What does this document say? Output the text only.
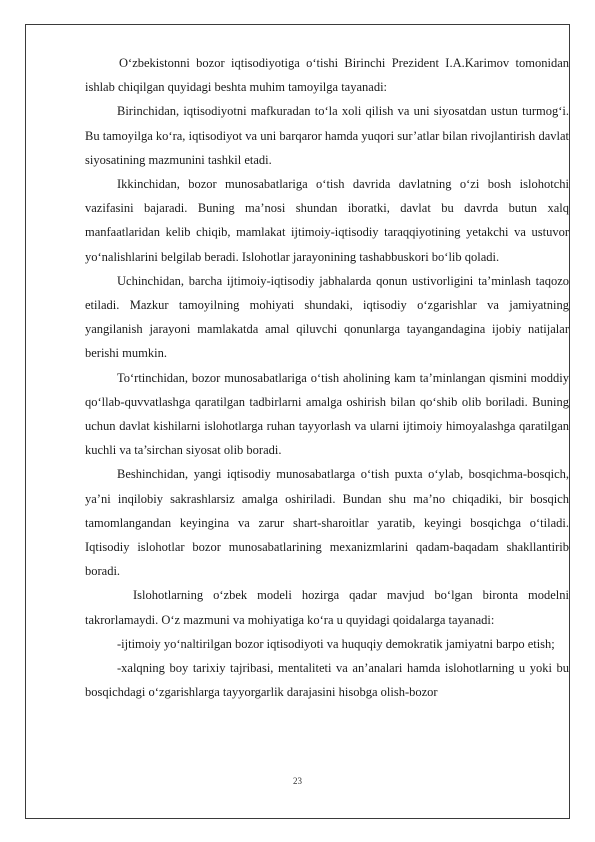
O‘zbekistonni bozor iqtisodiyotiga o‘tishi Birinchi Prezident I.A.Karimov tomonidan ishlab chiqilgan quyidagi beshta muhim tamoyilga tayanadi:

Birinchidan, iqtisodiyotni mafkuradan to‘la xoli qilish va uni siyosatdan ustun turmog‘i. Bu tamoyilga ko‘ra, iqtisodiyot va uni barqaror hamda yuqori sur’atlar bilan rivojlantirish davlat siyosatining mazmunini tashkil etadi.

Ikkinchidan, bozor munosabatlariga o‘tish davrida davlatning o‘zi bosh islohotchi vazifasini bajaradi. Buning ma’nosi shundan iboratki, davlat bu davrda butun xalq manfaatlaridan kelib chiqib, mamlakat ijtimoiy-iqtisodiy taraqqiyotining yetakchi va ustuvor yo‘nalishlarini belgilab beradi. Islohotlar jarayonining tashabbuskori bo‘lib qoladi.

Uchinchidan, barcha ijtimoiy-iqtisodiy jabhalarda qonun ustivorligini ta’minlash taqozo etiladi. Mazkur tamoyilning mohiyati shundaki, iqtisodiy o‘zgarishlar va jamiyatning yangilanish jarayoni mamlakatda amal qiluvchi qonunlarga tayangandagina ijobiy natijalar berishi mumkin.

To‘rtinchidan, bozor munosabatlariga o‘tish aholining kam ta’minlangan qismini moddiy qo‘llab-quvvatlashga qaratilgan tadbirlarni amalga oshirish bilan qo‘shib olib boriladi. Buning uchun davlat kishilarni islohotlarga ruhan tayyorlash va ularni ijtimoiy himoyalashga qaratilgan kuchli va ta’sirchan siyosat olib boradi.

Beshinchidan, yangi iqtisodiy munosabatlarga o‘tish puxta o‘ylab, bosqichma-bosqich, ya’ni inqilobiy sakrashlarsiz amalga oshiriladi. Bundan shu ma’no chiqadiki, bir bosqich tamomlangandan keyingina va zarur shart-sharoitlar yaratib, keyingi bosqichga o‘tiladi. Iqtisodiy islohotlar bozor munosabatlarining mexanizmlarini qadam-baqadam shakllantirib boradi.

Islohotlarning o‘zbek modeli hozirga qadar mavjud bo‘lgan bironta modelni takrorlamaydi. O‘z mazmuni va mohiyatiga ko‘ra u quyidagi qoidalarga tayanadi:

-ijtimoiy yo‘naltirilgan bozor iqtisodiyoti va huquqiy demokratik jamiyatni barpo etish;

-xalqning boy tarixiy tajribasi, mentaliteti va an’analari hamda islohotlarning u yoki bu bosqichdagi o‘zgarishlarga tayyorgarlik darajasini hisobga olish-bozor

23
